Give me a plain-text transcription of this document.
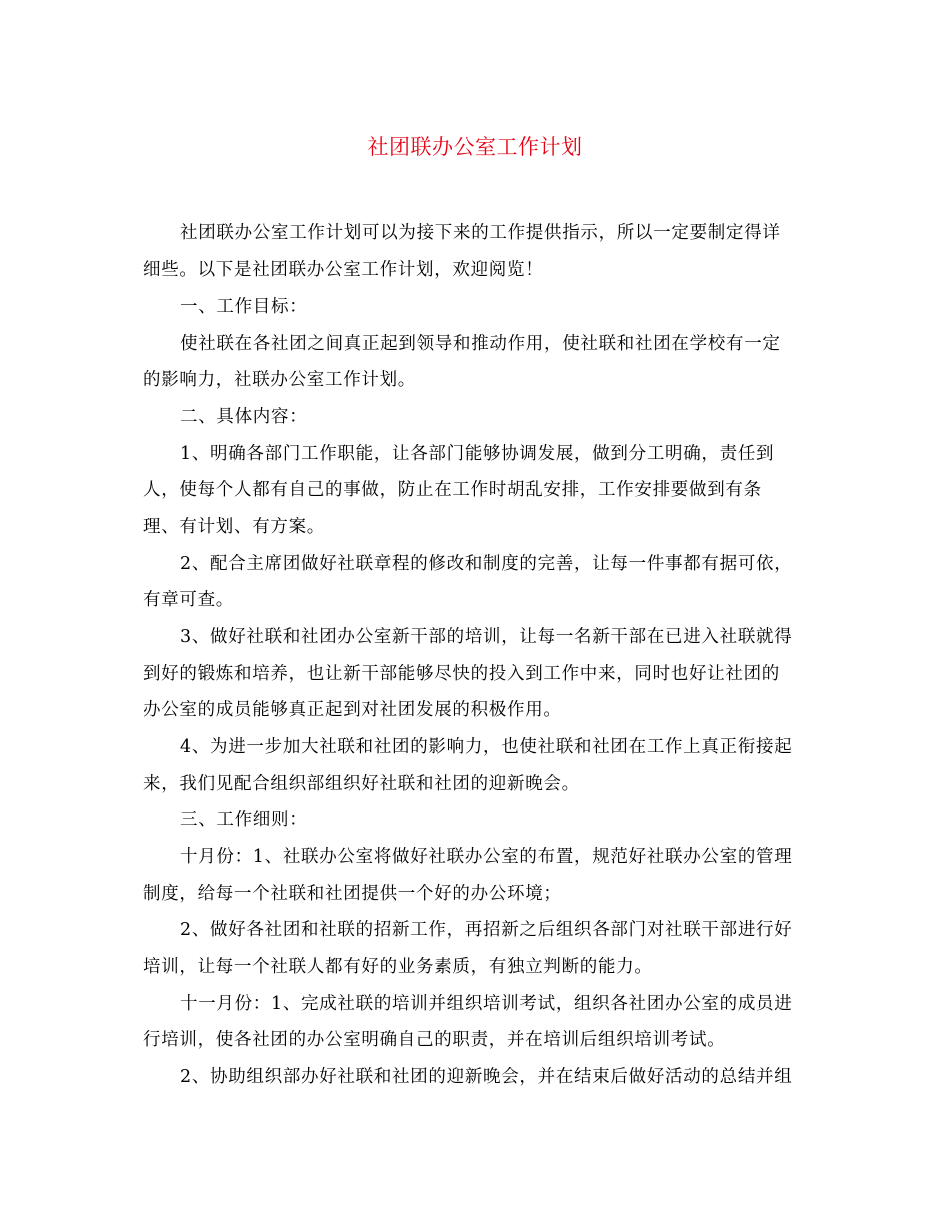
社团联办公室工作计划
社团联办公室工作计划可以为接下来的工作提供指示，所以一定要制定得详
细些。以下是社团联办公室工作计划，欢迎阅览！
一、工作目标：
使社联在各社团之间真正起到领导和推动作用，使社联和社团在学校有一定
的影响力，社联办公室工作计划。
二、具体内容：
1、明确各部门工作职能，让各部门能够协调发展，做到分工明确，责任到
人，使每个人都有自己的事做，防止在工作时胡乱安排，工作安排要做到有条
理、有计划、有方案。
2、配合主席团做好社联章程的修改和制度的完善，让每一件事都有据可依，
有章可查。
3、做好社联和社团办公室新干部的培训，让每一名新干部在已进入社联就得
到好的锻炼和培养，也让新干部能够尽快的投入到工作中来，同时也好让社团的
办公室的成员能够真正起到对社团发展的积极作用。
4、为进一步加大社联和社团的影响力，也使社联和社团在工作上真正衔接起
来，我们见配合组织部组织好社联和社团的迎新晚会。
三、工作细则：
十月份：1、社联办公室将做好社联办公室的布置，规范好社联办公室的管理
制度，给每一个社联和社团提供一个好的办公环境；
2、做好各社团和社联的招新工作，再招新之后组织各部门对社联干部进行好
培训，让每一个社联人都有好的业务素质，有独立判断的能力。
十一月份：1、完成社联的培训并组织培训考试，组织各社团办公室的成员进
行培训，使各社团的办公室明确自己的职责，并在培训后组织培训考试。
2、协助组织部办好社联和社团的迎新晚会，并在结束后做好活动的总结并组
